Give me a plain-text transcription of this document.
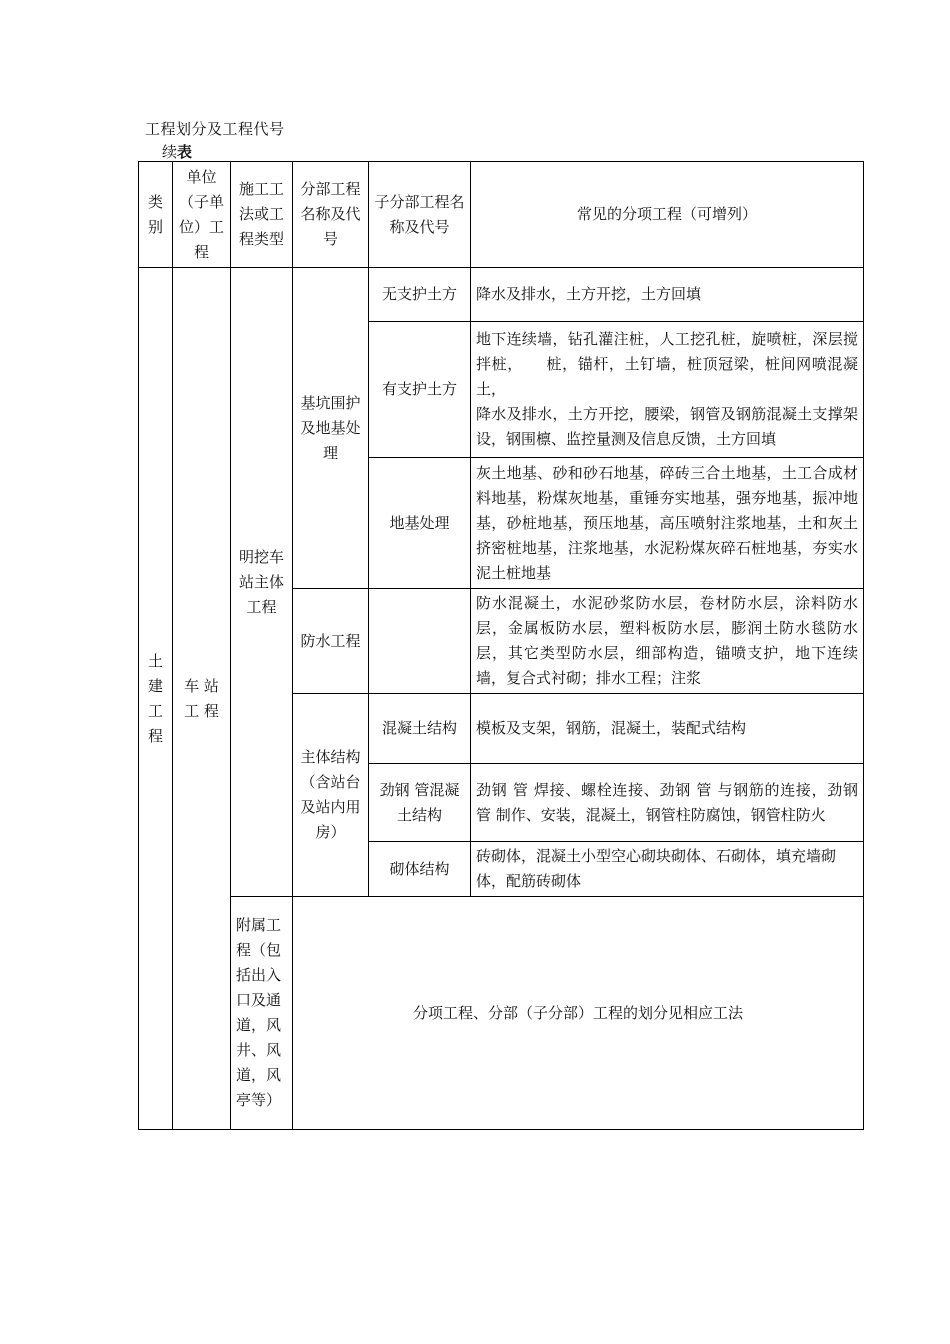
工程划分及工程代号
续表
类别	单位（子单位）工程	施工工法或工程类型	分部工程名称及代号	子分部工程名称及代号	常见的分项工程（可增列）
土建工程	车 站 工 程	明挖车站主体工程	基坑围护及地基处理	无支护土方	降水及排水，土方开挖，土方回填
				有支护土方	地下连续墙，钻孔灌注桩，人工挖孔桩，旋喷桩，深层搅拌桩，　　桩，锚杆，土钉墙，桩顶冠梁，桩间网喷混凝土，
降水及排水，土方开挖，腰梁，钢管及钢筋混凝土支撑架设，钢围檩、监控量测及信息反馈，土方回填

				地基处理	灰土地基、砂和砂石地基，碎砖三合土地基，土工合成材料地基，粉煤灰地基，重锤夯实地基，强夯地基，振冲地基，砂桩地基，预压地基，高压喷射注浆地基，土和灰土挤密桩地基，注浆地基，水泥粉煤灰碎石桩地基，夯实水泥土桩地基
			防水工程		防水混凝土，水泥砂浆防水层，卷材防水层，涂料防水层，金属板防水层，塑料板防水层，膨润土防水毯防水层，其它类型防水层，细部构造，锚喷支护，地下连续墙，复合式衬砌；排水工程；注浆
			主体结构（含站台及站内用房）	混凝土结构	模板及支架，钢筋，混凝土，装配式结构
				劲钢 管混凝土结构	劲钢 管 焊接、螺栓连接、劲钢 管 与钢筋的连接，劲钢 管 制作、安装，混凝土，钢管柱防腐蚀，钢管柱防火
				砌体结构	砖砌体，混凝土小型空心砌块砌体、石砌体，填充墙砌体，配筋砖砌体
		附属工程（包括出入口及通道，风井、风道，风亭等）	分项工程、分部（子分部）工程的划分见相应工法		
